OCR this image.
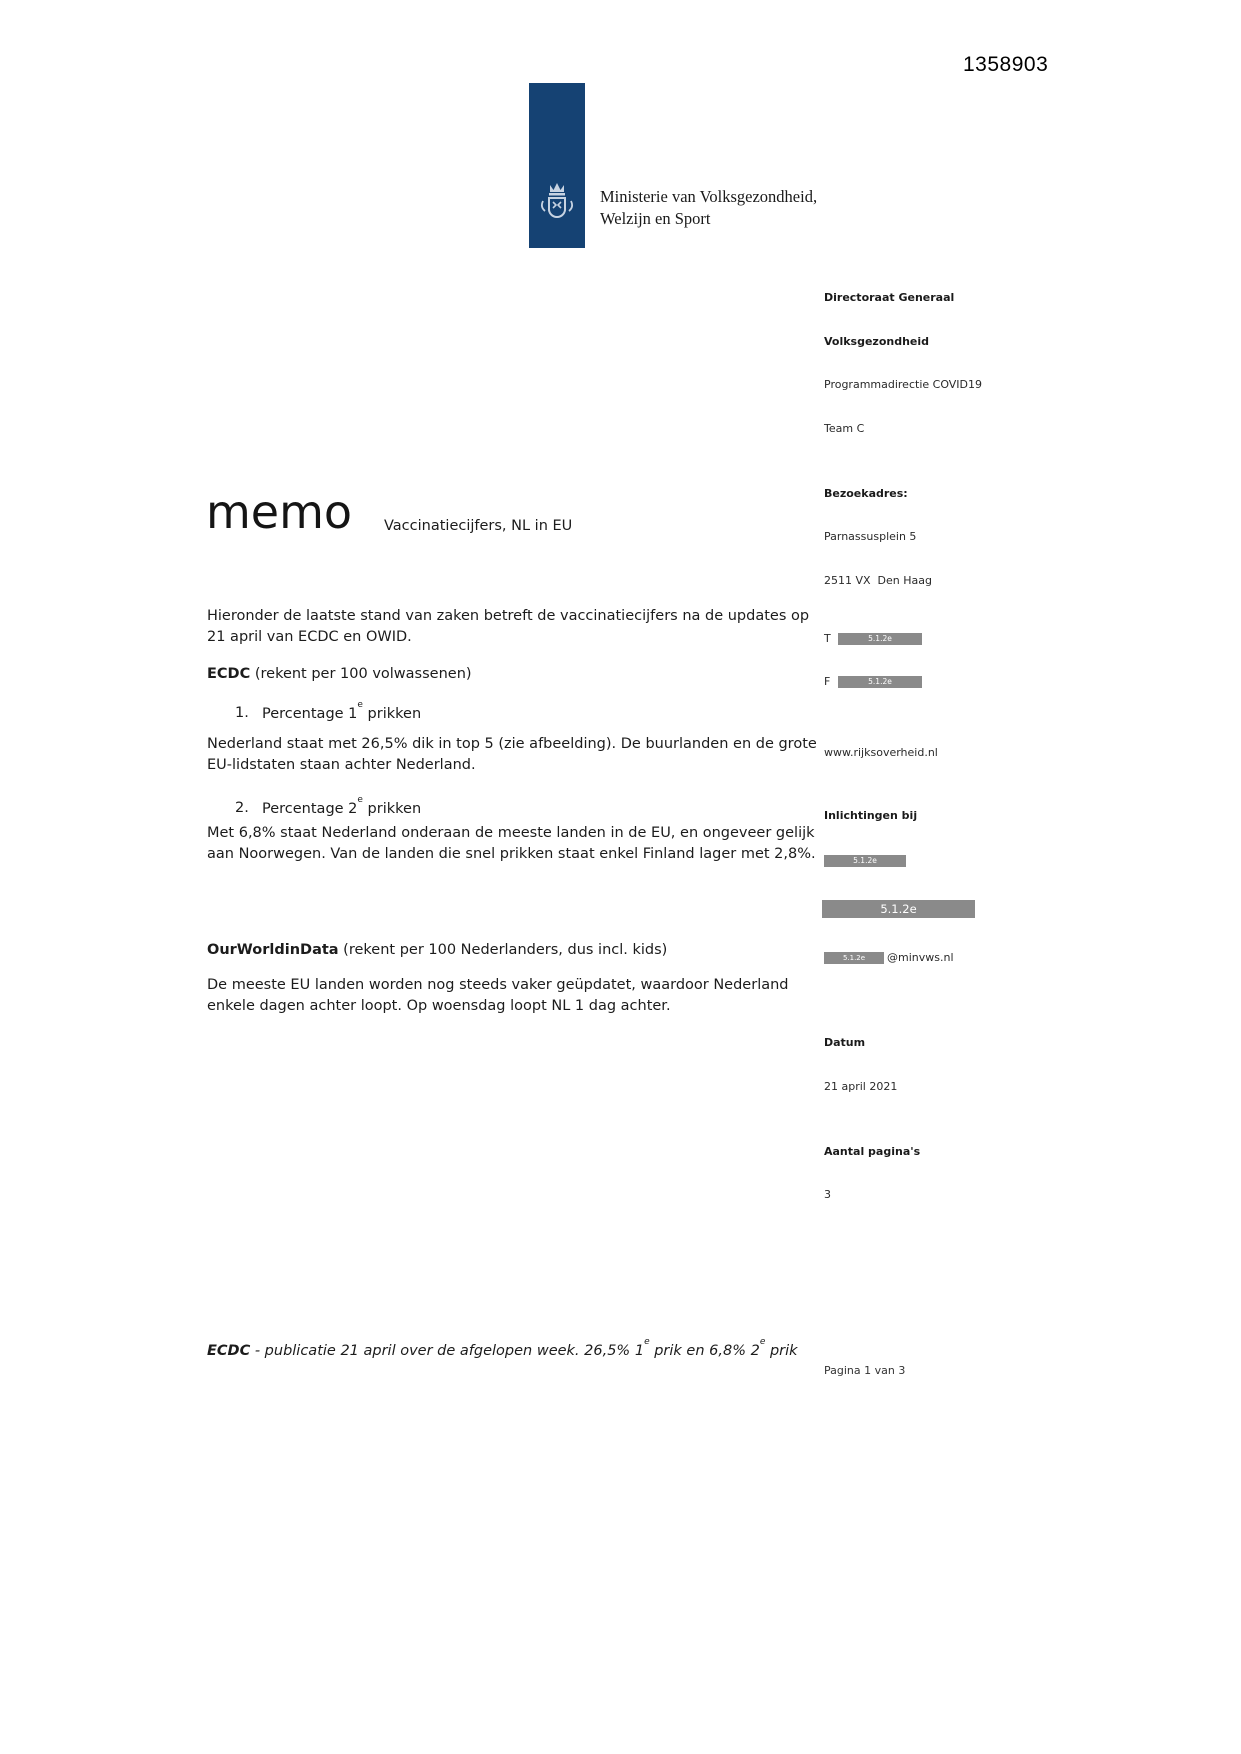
1358903
Ministerie van Volksgezondheid,
Welzijn en Sport

Directoraat Generaal

Volksgezondheid

Programmadirectie COVID19

Team C

Bezoekadres:

Parnassusplein 5

2511 VX  Den Haag

T	5.1.2e

F	5.1.2e

www.rijksoverheid.nl

Inlichtingen bij

5.1.2e

5.1.2e

5.1.2e	@minvws.nl

Datum

21 april 2021

Aantal pagina's

3

memo Vaccinatiecijfers, NL in EU

Hieronder de laatste stand van zaken betreft de vaccinatiecijfers na de updates op 21 april van ECDC en OWID.

ECDC (rekent per 100 volwassenen)

1. Percentage 1e prikken

Nederland staat met 26,5% dik in top 5 (zie afbeelding). De buurlanden en de grote EU-lidstaten staan achter Nederland.

2. Percentage 2e prikken

Met 6,8% staat Nederland onderaan de meeste landen in de EU, en ongeveer gelijk aan Noorwegen. Van de landen die snel prikken staat enkel Finland lager met 2,8%.

OurWorldinData (rekent per 100 Nederlanders, dus incl. kids)

De meeste EU landen worden nog steeds vaker geüpdatet, waardoor Nederland enkele dagen achter loopt. Op woensdag loopt NL 1 dag achter.

ECDC - publicatie 21 april over de afgelopen week. 26,5% 1e prik en 6,8% 2e prik

Pagina 1 van 3
